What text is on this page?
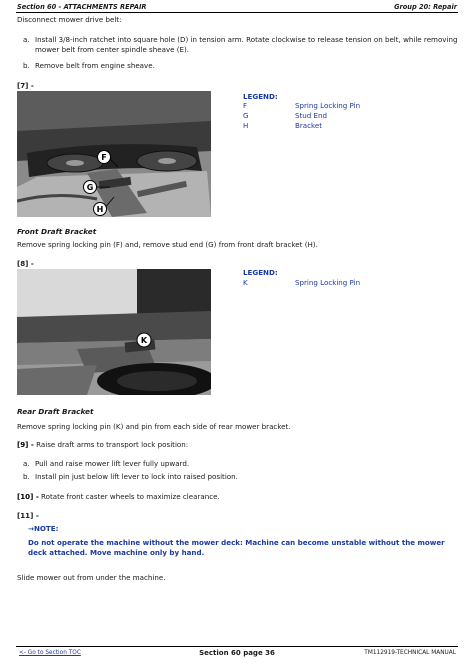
Section 60 - ATTACHMENTS REPAIR	Group 20: Repair
Disconnect mower drive belt:
a. Install 3/8-inch ratchet into square hole (D) in tension arm. Rotate clockwise to release tension on belt, while removing
mower belt from center spindle sheave (E).
b. Remove belt from engine sheave.
[7] -
F
G
H
LEGEND:
F	Spring Locking Pin
G	Stud End
H	Bracket
Front Draft Bracket
Remove spring locking pin (F) and, remove stud end (G) from front draft bracket (H).
[8] -
K
LEGEND:
K	Spring Locking Pin
Rear Draft Bracket
Remove spring locking pin (K) and pin from each side of rear mower bracket.
[9] - Raise draft arms to transport lock position:
a. Pull and raise mower lift lever fully upward.
b. Install pin just below lift lever to lock into raised position.
[10] - Rotate front caster wheels to maximize clearance.
[11] -
→NOTE:
Do not operate the machine without the mower deck: Machine can become unstable without the mower
deck attached. Move machine only by hand.
Slide mower out from under the machine.
<- Go to Section TOC	Section 60 page 36	TM112919-TECHNICAL MANUAL
